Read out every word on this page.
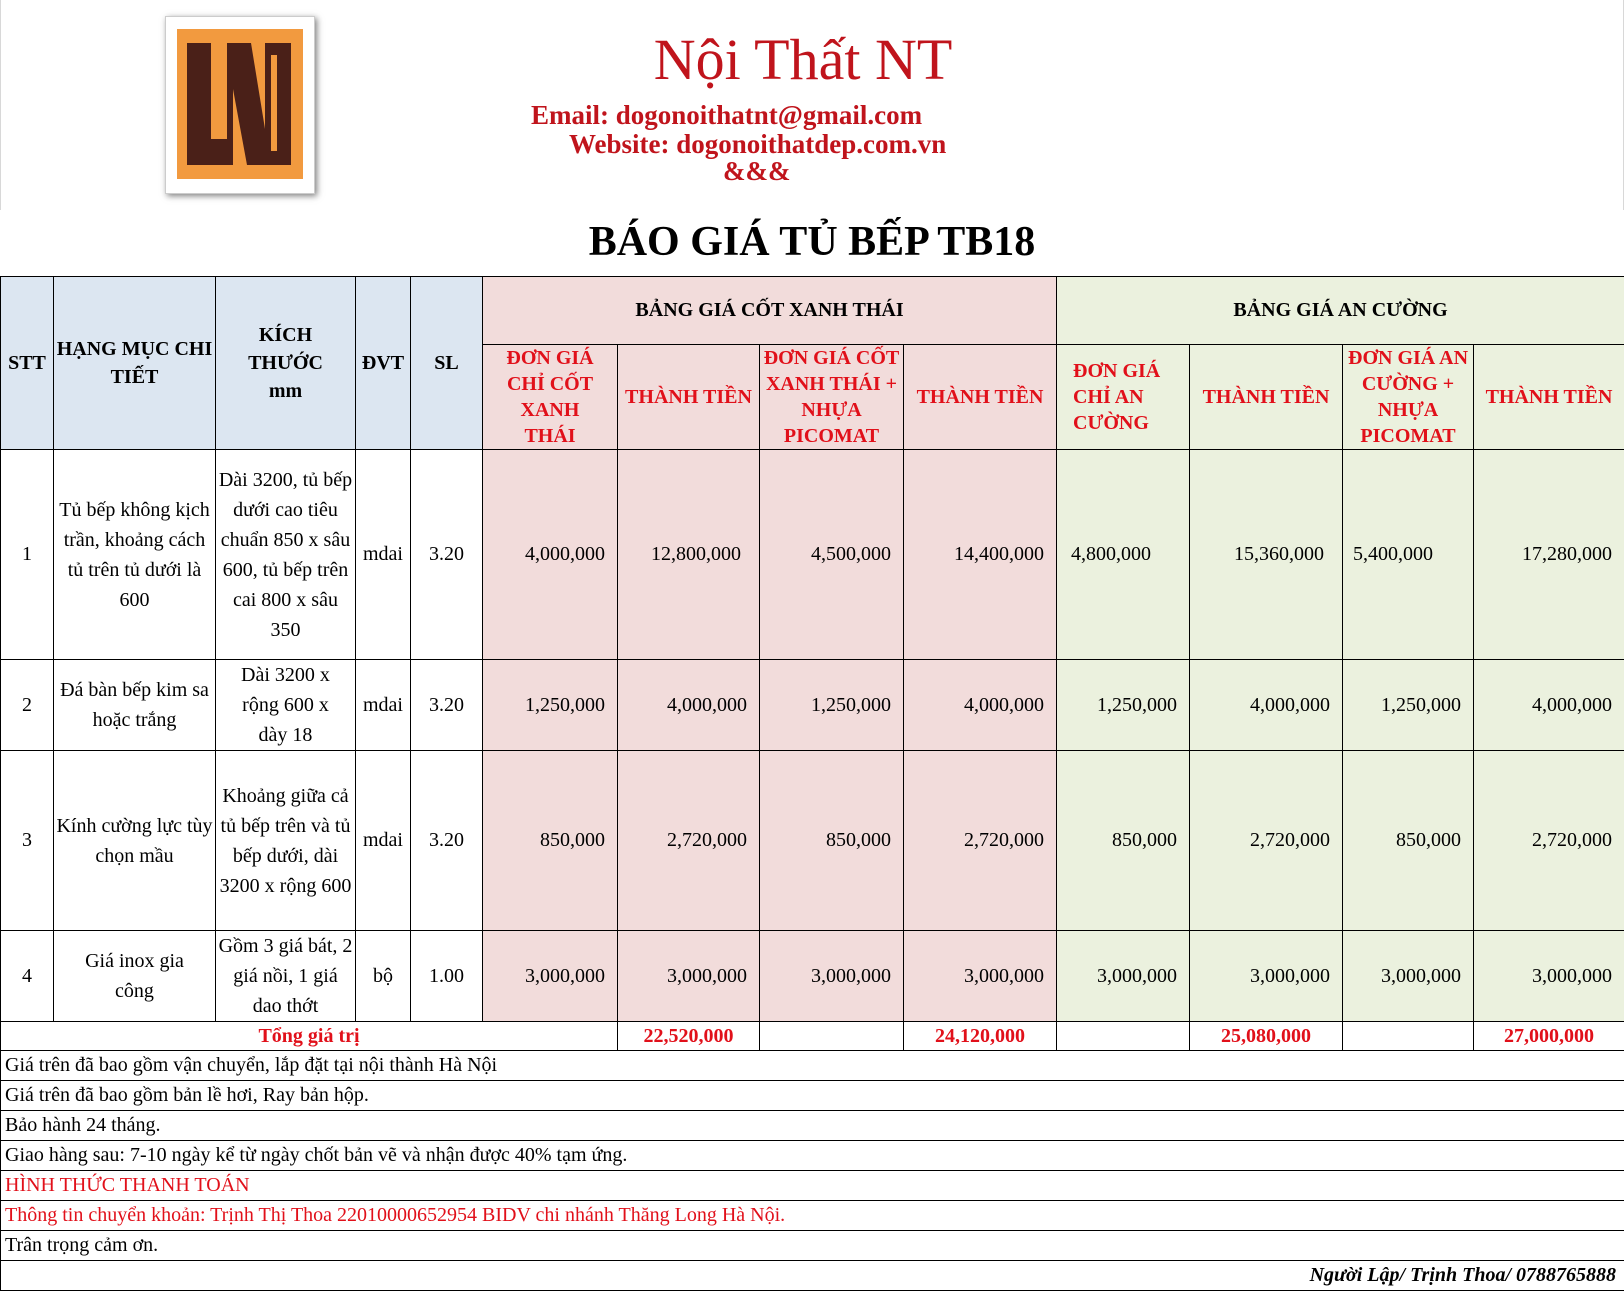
Nội Thất NT
Email: dogonoithatnt@gmail.com
Website: dogonoithatdep.com.vn
&&&
BÁO GIÁ TỦ BẾP TB18
STT	HẠNG MỤC CHI TIẾT	KÍCH THƯỚC mm	ĐVT	SL	BẢNG GIÁ CỐT XANH THÁI				BẢNG GIÁ AN CƯỜNG			
					ĐƠN GIÁ CHỈ CỐT XANH THÁI	THÀNH TIỀN	ĐƠN GIÁ CỐT XANH THÁI + NHỰA PICOMAT	THÀNH TIỀN	ĐƠN GIÁ CHỈ AN CƯỜNG	THÀNH TIỀN	ĐƠN GIÁ AN CƯỜNG + NHỰA PICOMAT	THÀNH TIỀN
1	Tủ bếp không kịch trần, khoảng cách tủ trên tủ dưới là 600	Dài 3200, tủ bếp dưới cao tiêu chuẩn 850 x sâu 600, tủ bếp trên cai 800 x sâu 350	mdai	3.20	4,000,000	12,800,000	4,500,000	14,400,000	4,800,000	15,360,000	5,400,000	17,280,000
2	Đá bàn bếp kim sa hoặc trắng	Dài 3200 x rộng 600 x dày 18	mdai	3.20	1,250,000	4,000,000	1,250,000	4,000,000	1,250,000	4,000,000	1,250,000	4,000,000
3	Kính cường lực tùy chọn mầu	Khoảng giữa cả tủ bếp trên và tủ bếp dưới, dài 3200 x rộng 600	mdai	3.20	850,000	2,720,000	850,000	2,720,000	850,000	2,720,000	850,000	2,720,000
4	Giá inox gia công	Gồm 3 giá bát, 2 giá nồi, 1 giá dao thớt	bộ	1.00	3,000,000	3,000,000	3,000,000	3,000,000	3,000,000	3,000,000	3,000,000	3,000,000
Tổng giá trị						22,520,000		24,120,000		25,080,000		27,000,000
Giá trên đã bao gồm vận chuyển, lắp đặt tại nội thành Hà Nội												
Giá trên đã bao gồm bản lề hơi, Ray bản hộp.												
Bảo hành 24 tháng.												
Giao hàng sau: 7-10 ngày kể từ ngày chốt bản vẽ và nhận được 40% tạm ứng.												
HÌNH THỨC THANH TOÁN												
Thông tin chuyển khoản: Trịnh Thị Thoa 22010000652954 BIDV chi nhánh Thăng Long Hà Nội.												
Trân trọng cảm ơn.												
Người Lập/ Trịnh Thoa/ 0788765888												
